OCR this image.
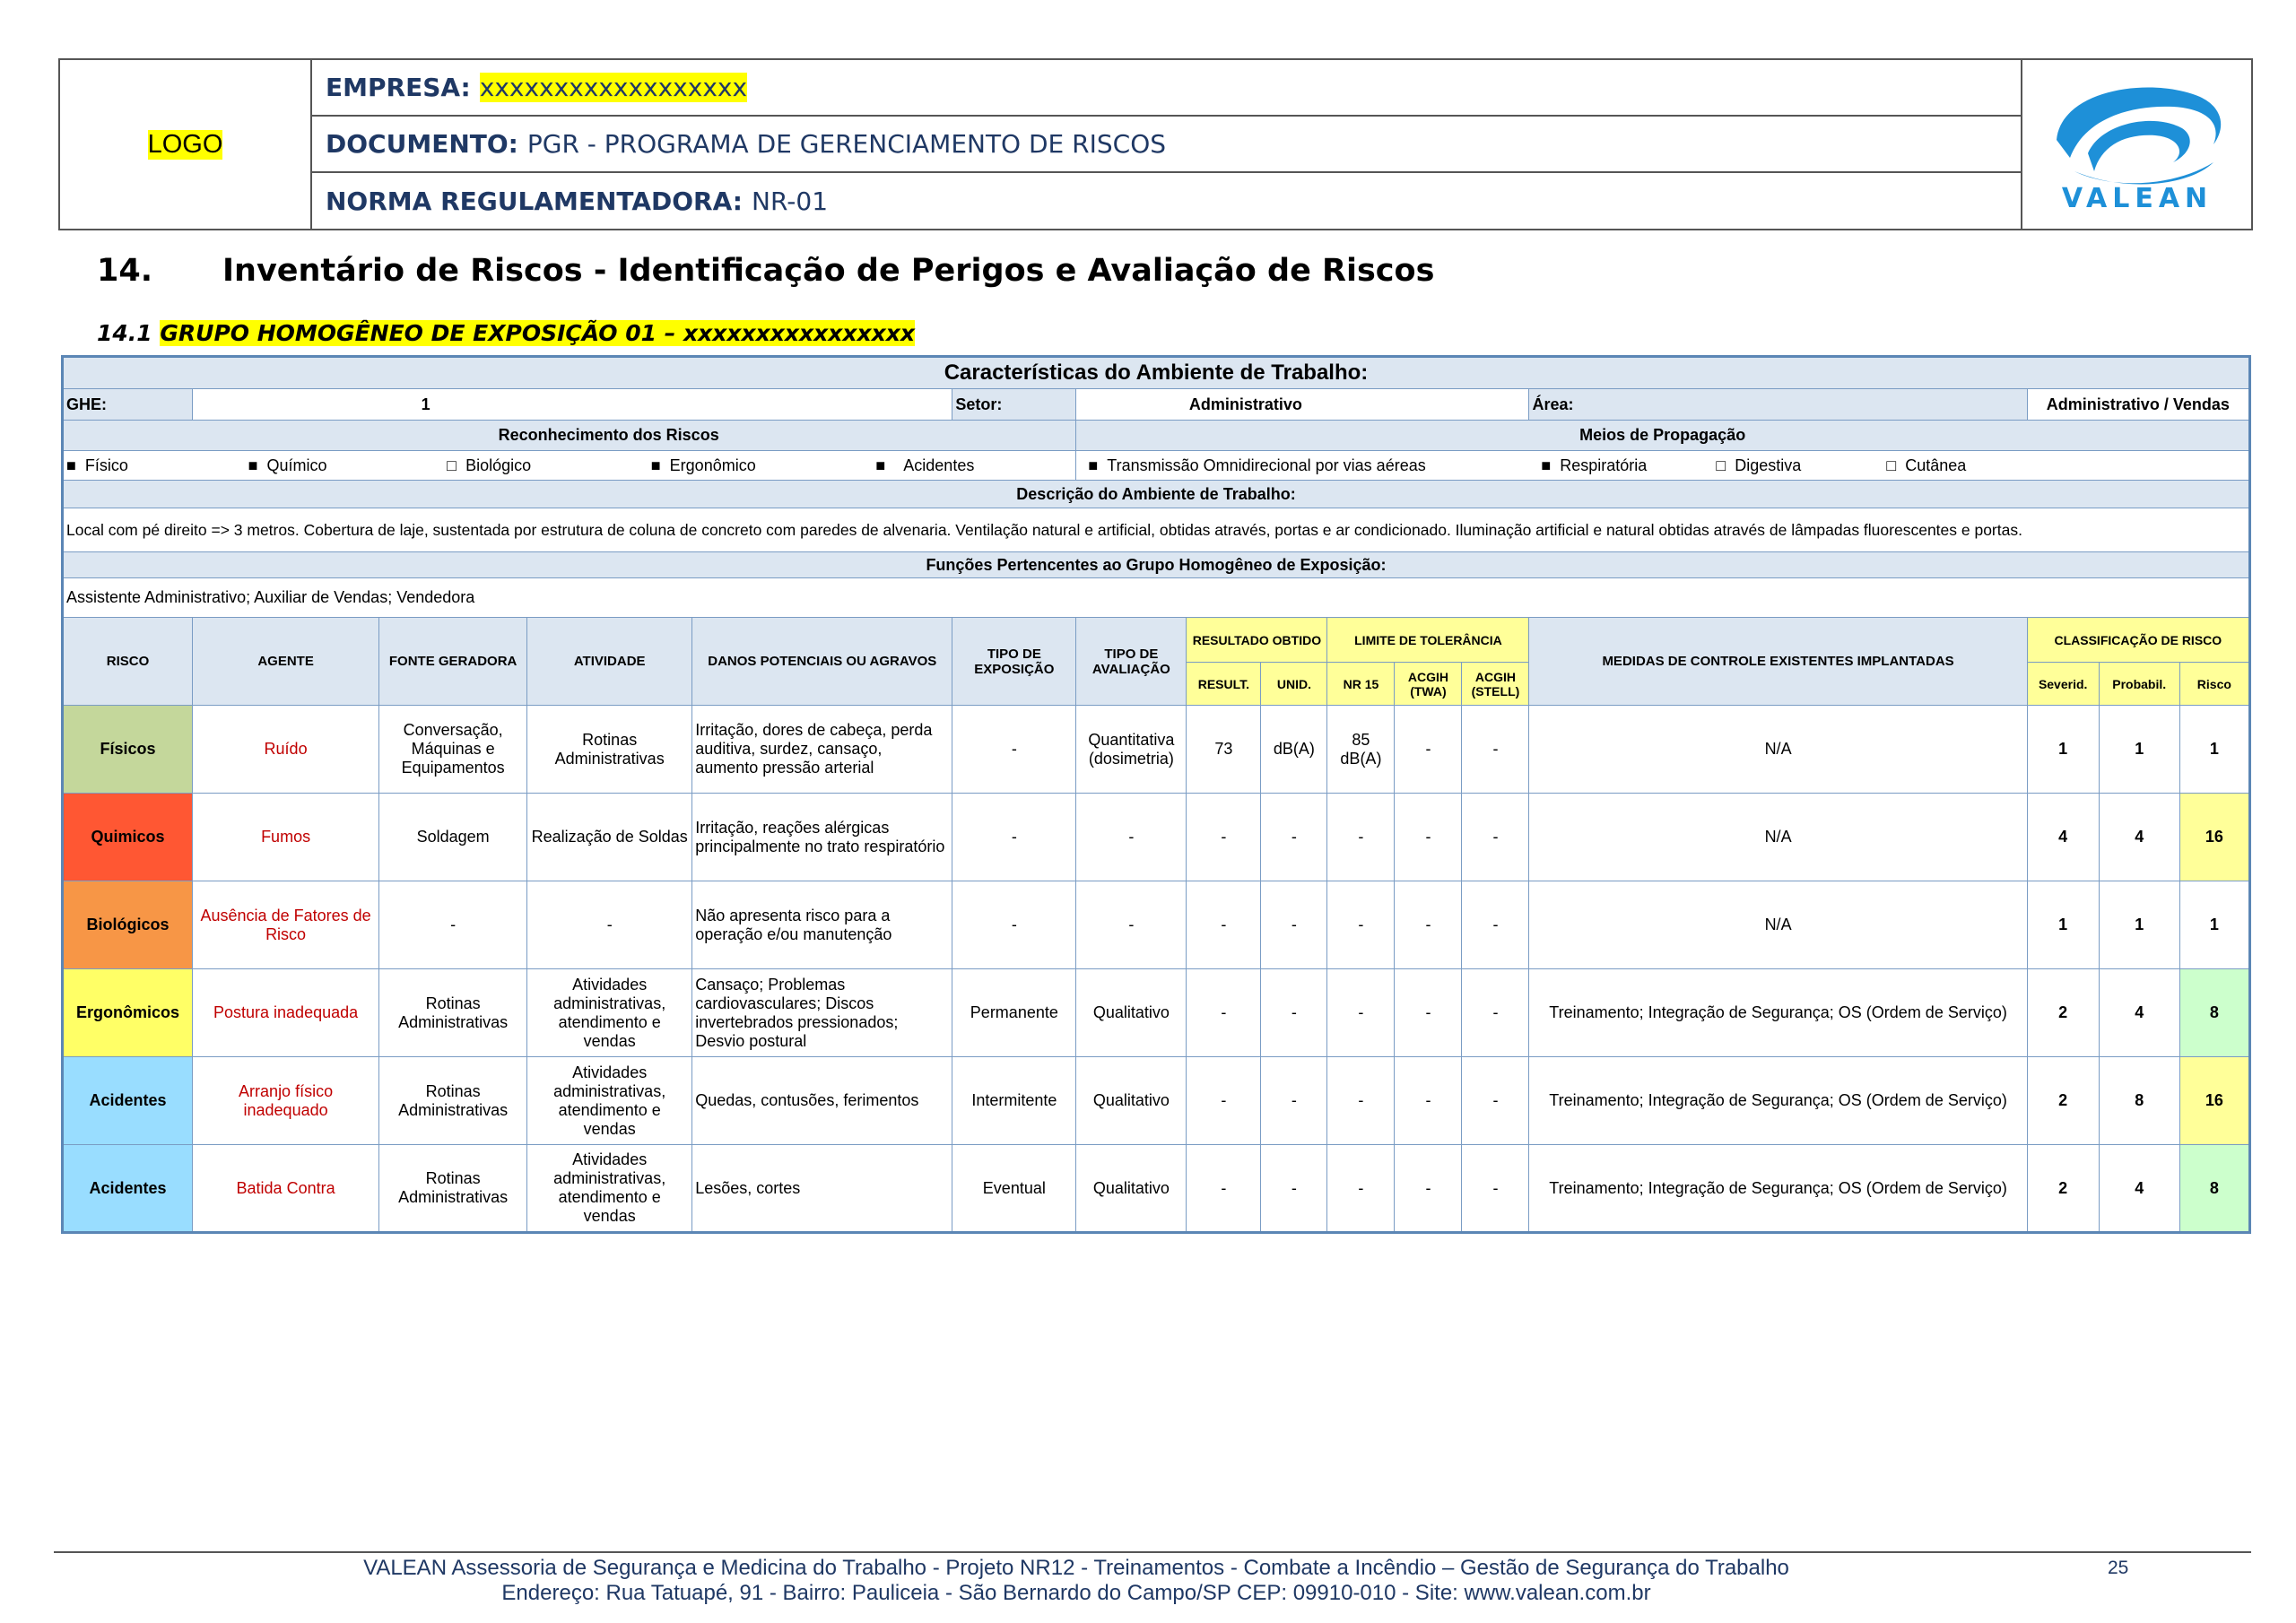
LOGO
EMPRESA: xxxxxxxxxxxxxxxxxx
DOCUMENTO: PGR - PROGRAMA DE GERENCIAMENTO DE RISCOS
NORMA REGULAMENTADORA: NR-01	VALEAN
14. Inventário de Riscos - Identificação de Perigos e Avaliação de Riscos
14.1 GRUPO HOMOGÊNEO DE EXPOSIÇÃO 01 – xxxxxxxxxxxxxxxx
Características do Ambiente de Trabalho:															
GHE:	1				Setor:	Administrativo						Área:	Administrativo / Vendas		
Reconhecimento dos Riscos						Meios de Propagação									

■ Físico ■ Químico □ Biológico ■ Ergonômico ■ Acidentes						■ Transmissão Omnidirecional por vias aéreas ■ Respiratória □ Digestiva □ Cutânea									

Descrição do Ambiente de Trabalho:															
Local com pé direito => 3 metros. Cobertura de laje, sustentada por estrutura de coluna de concreto com paredes de alvenaria. Ventilação natural e artificial, obtidas através, portas e ar condicionado. Iluminação artificial e natural obtidas através de lâmpadas fluorescentes e portas.															
Funções Pertencentes ao Grupo Homogêneo de Exposição:															
Assistente Administrativo; Auxiliar de Vendas; Vendedora															
RISCO	AGENTE	FONTE GERADORA	ATIVIDADE	DANOS POTENCIAIS OU AGRAVOS	TIPO DE EXPOSIÇÃO	TIPO DE AVALIAÇÃO	RESULTADO OBTIDO		LIMITE DE TOLERÂNCIA			MEDIDAS DE CONTROLE EXISTENTES IMPLANTADAS	CLASSIFICAÇÃO DE RISCO		
							RESULT.	UNID.	NR 15	ACGIH (TWA)	ACGIH (STELL)		Severid.	Probabil.	Risco
Físicos	Ruído	Conversação, Máquinas e Equipamentos	Rotinas Administrativas	Irritação, dores de cabeça, perda auditiva, surdez, cansaço, aumento pressão arterial	-	Quantitativa (dosimetria)	73	dB(A)	85 dB(A)	-	-	N/A	1	1	1
Quimicos	Fumos	Soldagem	Realização de Soldas	Irritação, reações alérgicas principalmente no trato respiratório	-	-	-	-	-	-	-	N/A	4	4	16
Biológicos	Ausência de Fatores de Risco	-	-	Não apresenta risco para a operação e/ou manutenção	-	-	-	-	-	-	-	N/A	1	1	1
Ergonômicos	Postura inadequada	Rotinas Administrativas	Atividades administrativas, atendimento e vendas	Cansaço; Problemas cardiovasculares; Discos invertebrados pressionados; Desvio postural	Permanente	Qualitativo	-	-	-	-	-	Treinamento; Integração de Segurança; OS (Ordem de Serviço)	2	4	8
Acidentes	Arranjo físico inadequado	Rotinas Administrativas	Atividades administrativas, atendimento e vendas	Quedas, contusões, ferimentos	Intermitente	Qualitativo	-	-	-	-	-	Treinamento; Integração de Segurança; OS (Ordem de Serviço)	2	8	16
Acidentes	Batida Contra	Rotinas Administrativas	Atividades administrativas, atendimento e vendas	Lesões, cortes	Eventual	Qualitativo	-	-	-	-	-	Treinamento; Integração de Segurança; OS (Ordem de Serviço)	2	4	8
VALEAN Assessoria de Segurança e Medicina do Trabalho - Projeto NR12 - Treinamentos - Combate a Incêndio – Gestão de Segurança do Trabalho
Endereço: Rua Tatuapé, 91 - Bairro: Pauliceia - São Bernardo do Campo/SP CEP: 09910-010 - Site: www.valean.com.br
25
